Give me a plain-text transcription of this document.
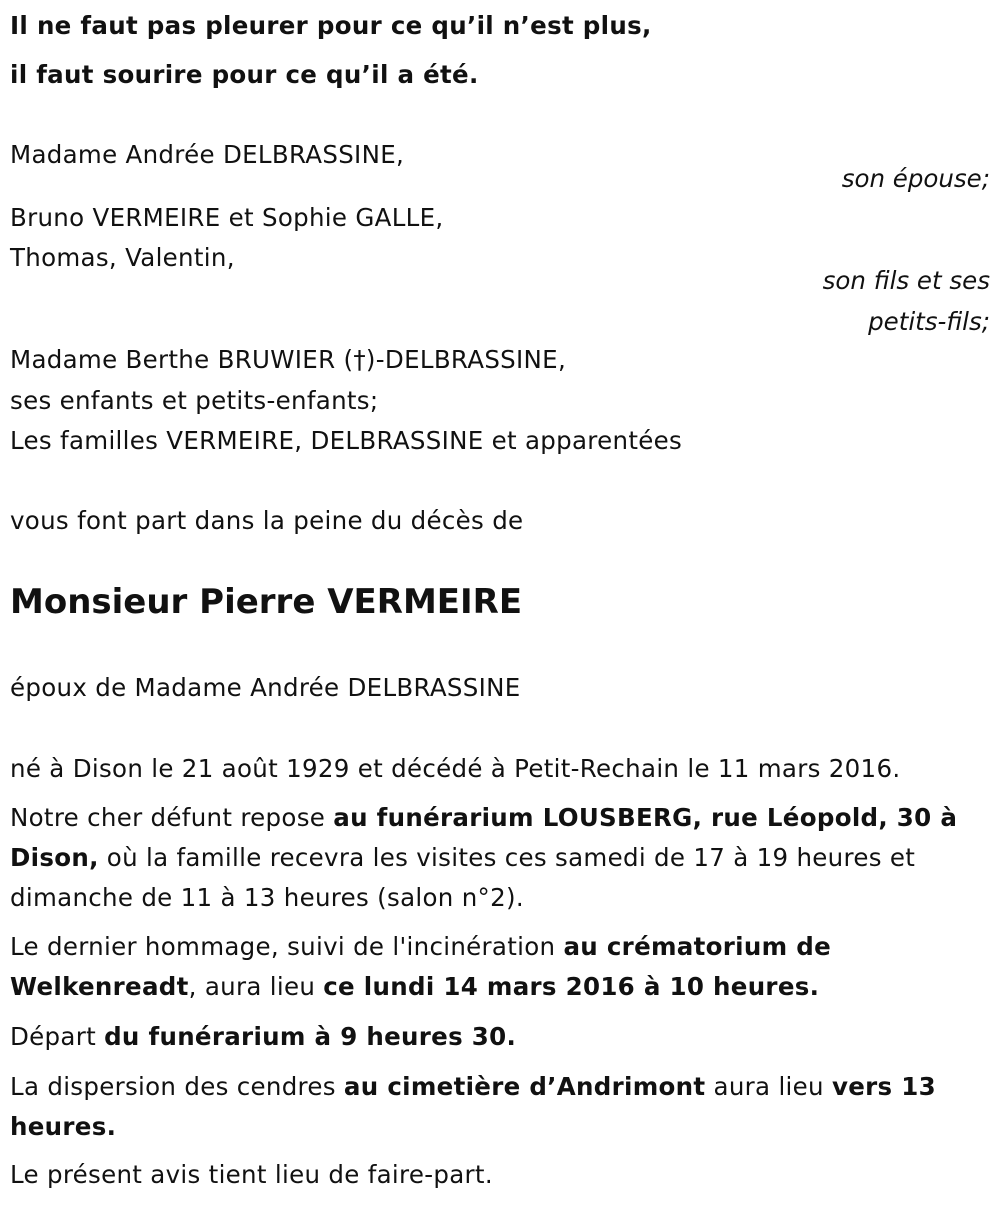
Il ne faut pas pleurer pour ce qu’il n’est plus,
il faut sourire pour ce qu’il a été.
Madame Andrée DELBRASSINE,
son épouse;
Bruno VERMEIRE et Sophie GALLE,
Thomas, Valentin,
son fils et ses
petits-fils;
Madame Berthe BRUWIER (†)-DELBRASSINE,
ses enfants et petits-enfants;
Les familles VERMEIRE, DELBRASSINE et apparentées
vous font part dans la peine du décès de
Monsieur Pierre VERMEIRE
époux de Madame Andrée DELBRASSINE
né à Dison le 21 août 1929 et décédé à Petit-Rechain le 11 mars 2016.
Notre cher défunt repose au funérarium LOUSBERG, rue Léopold, 30 à Dison, où la famille recevra les visites ces samedi de 17 à 19 heures et dimanche de 11 à 13 heures (salon n°2).
Le dernier hommage, suivi de l'incinération au crématorium de Welkenreadt, aura lieu ce lundi 14 mars 2016 à 10 heures.
Départ du funérarium à 9 heures 30.
La dispersion des cendres au cimetière d’Andrimont aura lieu vers 13 heures.
Le présent avis tient lieu de faire-part.
